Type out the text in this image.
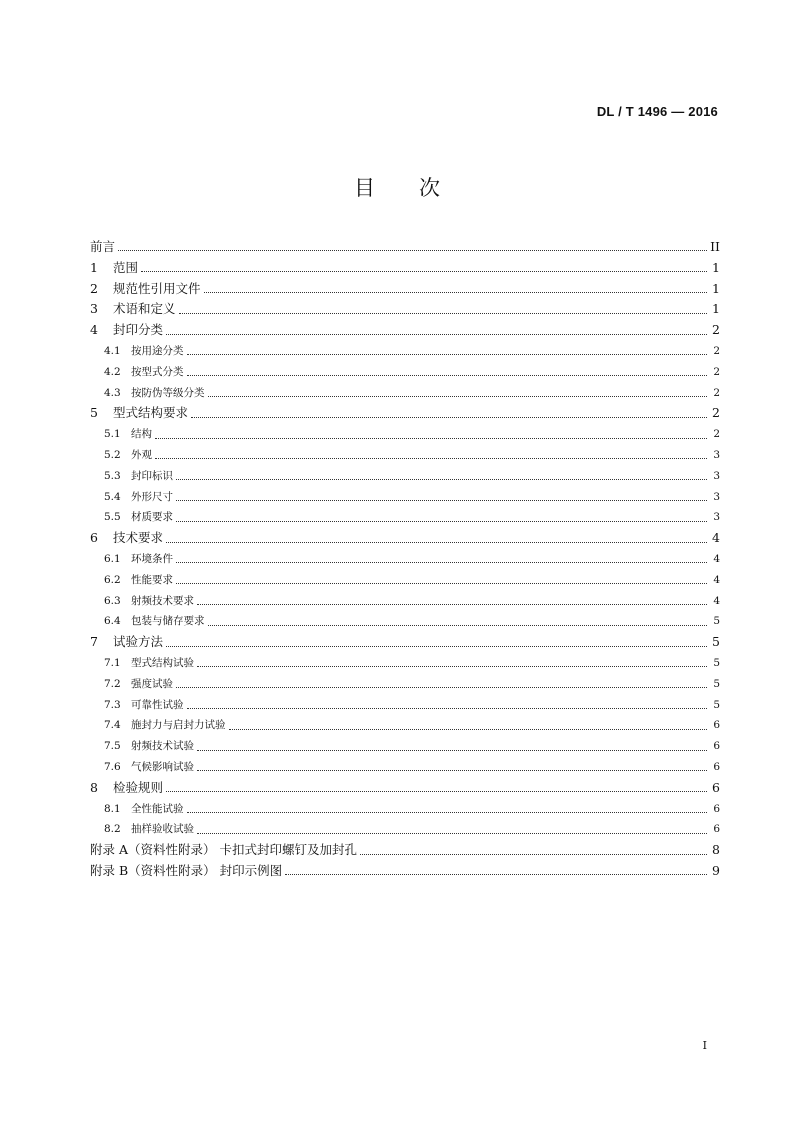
DL / T 1496 — 2016
目 次
前言	II
1	范围	1
2	规范性引用文件	1
3	术语和定义	1
4	封印分类	2
4.1 按用途分类	2
4.2 按型式分类	2
4.3 按防伪等级分类	2
5	型式结构要求	2
5.1 结构	2
5.2 外观	3
5.3 封印标识	3
5.4 外形尺寸	3
5.5 材质要求	3
6	技术要求	4
6.1 环境条件	4
6.2 性能要求	4
6.3 射频技术要求	4
6.4 包装与储存要求	5
7	试验方法	5
7.1 型式结构试验	5
7.2 强度试验	5
7.3 可靠性试验	5
7.4 施封力与启封力试验	6
7.5 射频技术试验	6
7.6 气候影响试验	6
8	检验规则	6
8.1 全性能试验	6
8.2 抽样验收试验	6
附录 A（资料性附录） 卡扣式封印螺钉及加封孔	8
附录 B（资料性附录） 封印示例图	9
I
